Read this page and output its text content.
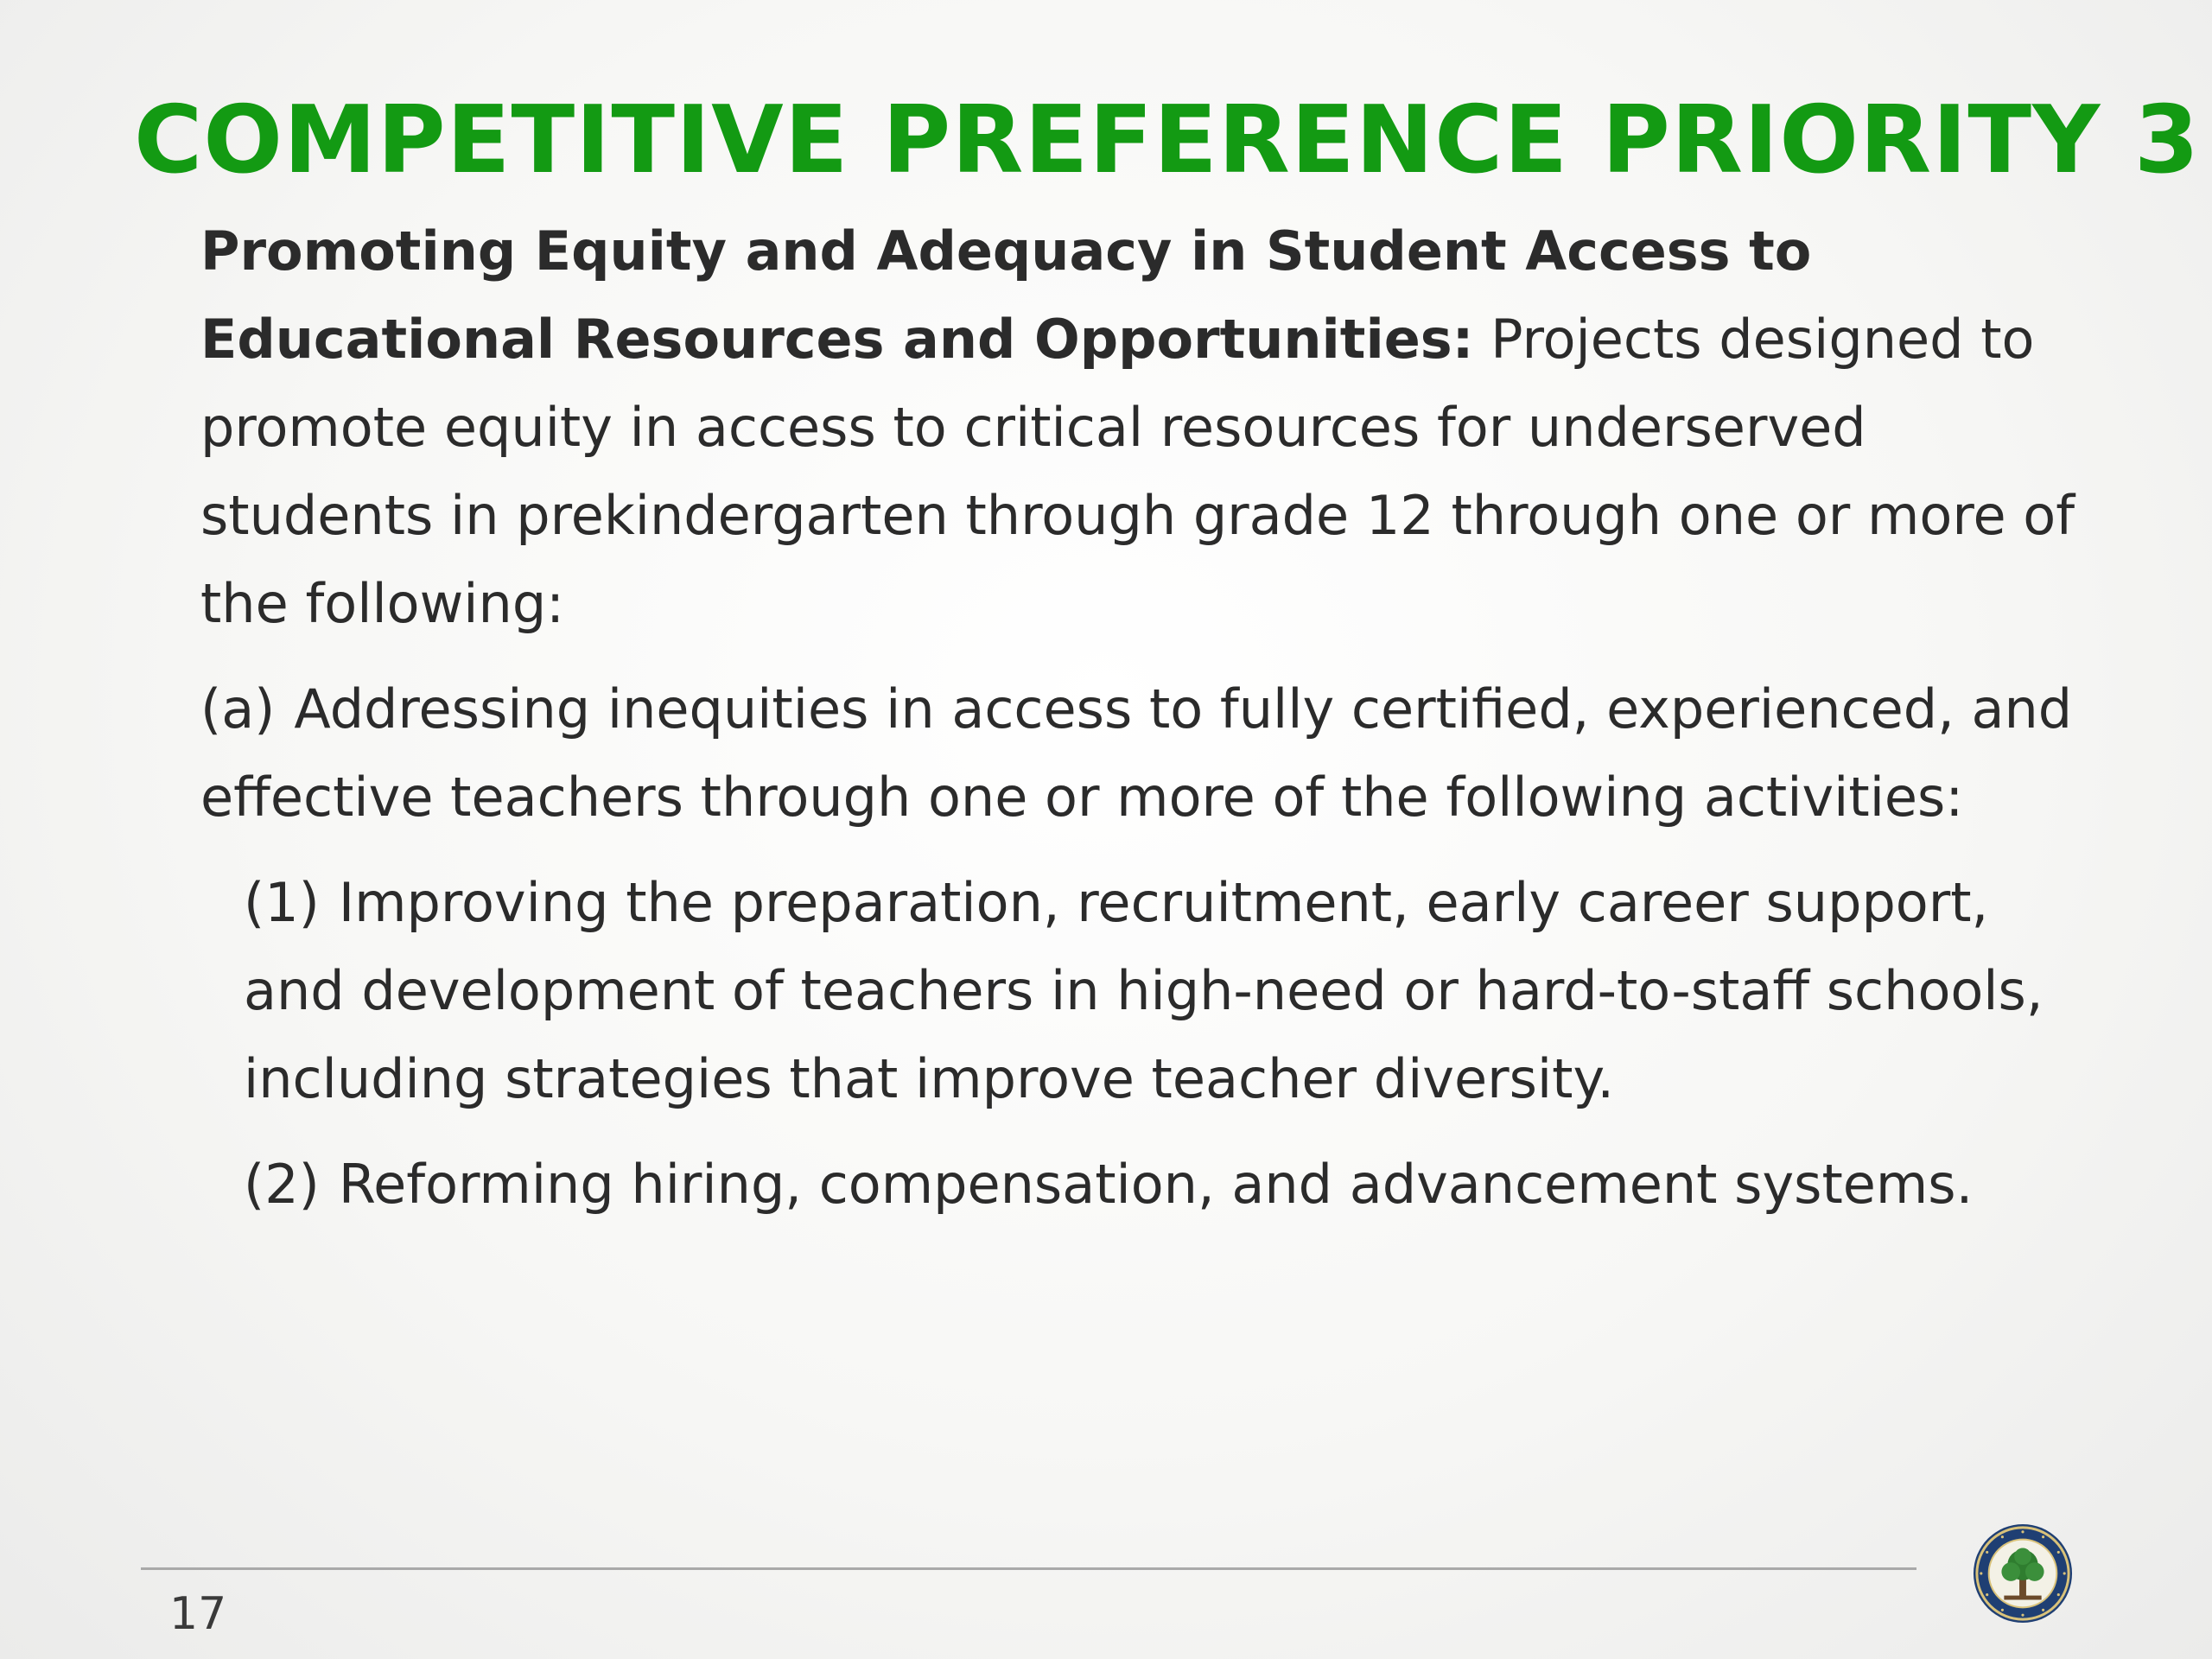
COMPETITIVE PREFERENCE PRIORITY 3

Promoting Equity and Adequacy in Student Access to Educational Resources and Opportunities: Projects designed to promote equity in access to critical resources for underserved students in prekindergarten through grade 12 through one or more of the following:

(a) Addressing inequities in access to fully certified, experienced, and effective teachers through one or more of the following activities:

(1) Improving the preparation, recruitment, early career support, and development of teachers in high-need or hard-to-staff schools, including strategies that improve teacher diversity.

(2) Reforming hiring, compensation, and advancement systems.

17
